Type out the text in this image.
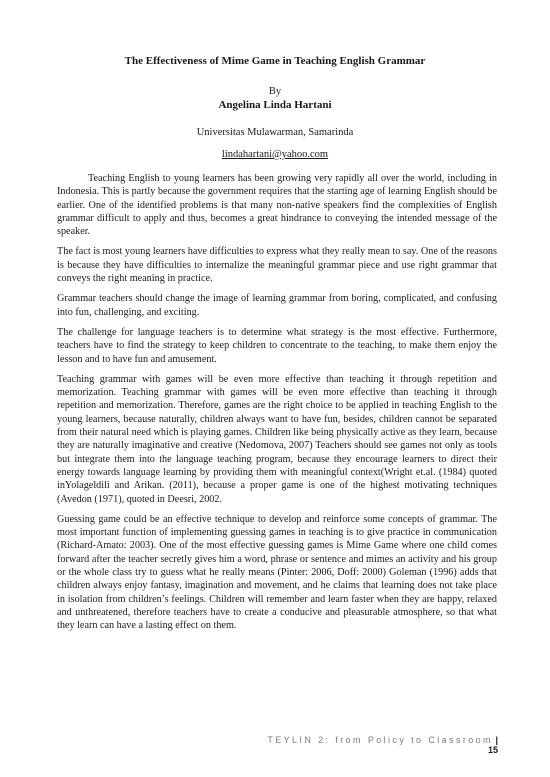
The Effectiveness of Mime Game in Teaching English Grammar
By
Angelina Linda Hartani
Universitas Mulawarman, Samarinda
lindahartani@yahoo.com

Teaching English to young learners has been growing very rapidly all over the world, including in Indonesia. This is partly because the government requires that the starting age of learning English should be earlier. One of the identified problems is that many non-native speakers find the complexities of English grammar difficult to apply and thus, becomes a great hindrance to conveying the intended message of the speaker.

The fact is most young learners have difficulties to express what they really mean to say. One of the reasons is because they have difficulties to internalize the meaningful grammar piece and use right grammar that conveys the right meaning in practice.

Grammar teachers should change the image of learning grammar from boring, complicated, and confusing into fun, challenging, and exciting.

The challenge for language teachers is to determine what strategy is the most effective. Furthermore, teachers have to find the strategy to keep children to concentrate to the teaching, to make them enjoy the lesson and to have fun and amusement.

Teaching grammar with games will be even more effective than teaching it through repetition and memorization. Teaching grammar with games will be even more effective than teaching it through repetition and memorization. Therefore, games are the right choice to be applied in teaching English to the young learners, because naturally, children always want to have fun, besides, children cannot be separated from their natural need which is playing games. Children like being physically active as they learn, because they are naturally imaginative and creative (Nedomova, 2007) Teachers should see games not only as tools but integrate them into the language teaching program, because they encourage learners to direct their energy towards language learning by providing them with meaningful context(Wright et.al. (1984) quoted inYolageldili and Arikan. (2011), because a proper game is one of the highest motivating techniques (Avedon (1971), quoted in Deesri, 2002.

Guessing game could be an effective technique to develop and reinforce some concepts of grammar. The most important function of implementing guessing games in teaching is to give practice in communication (Richard-Amato: 2003). One of the most effective guessing games is Mime Game where one child comes forward after the teacher secretly gives him a word, phrase or sentence and mimes an activity and his group or the whole class try to guess what he really means (Pinter: 2006, Doff: 2000) Goleman (1996) adds that children always enjoy fantasy, imagination and movement, and he claims that learning does not take place in isolation from children’s feelings. Children will remember and learn faster when they are happy, relaxed and unthreatened, therefore teachers have to create a conducive and pleasurable atmosphere, so that what they learn can have a lasting effect on them.

TEYLIN 2: from Policy to Classroom | 15
